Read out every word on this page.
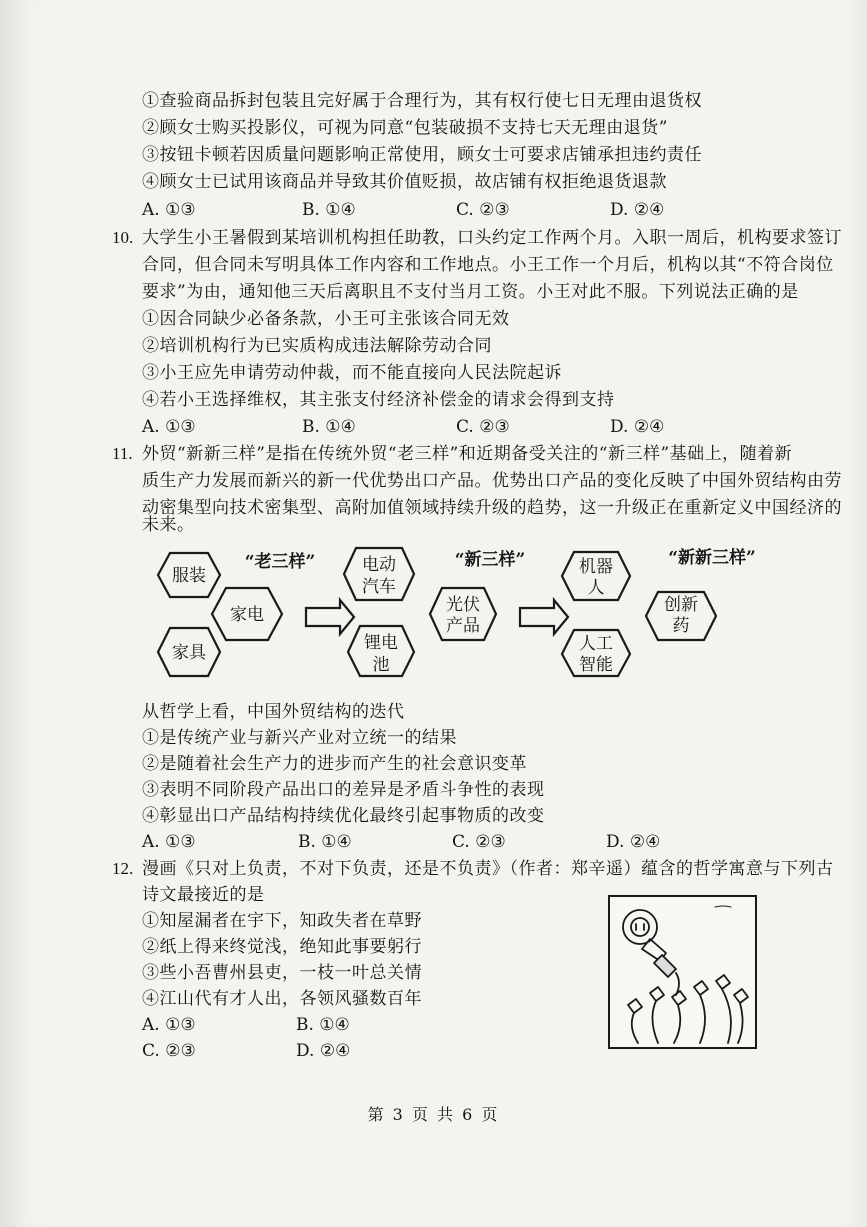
①查验商品拆封包装且完好属于合理行为，其有权行使七日无理由退货权
②顾女士购买投影仪，可视为同意“包装破损不支持七天无理由退货”
③按钮卡顿若因质量问题影响正常使用，顾女士可要求店铺承担违约责任
④顾女士已试用该商品并导致其价值贬损，故店铺有权拒绝退货退款
A. ①③	B. ①④	C. ②③	D. ②④
10. 大学生小王暑假到某培训机构担任助教，口头约定工作两个月。入职一周后，机构要求签订
合同，但合同未写明具体工作内容和工作地点。小王工作一个月后，机构以其“不符合岗位
要求”为由，通知他三天后离职且不支付当月工资。小王对此不服。下列说法正确的是
①因合同缺少必备条款，小王可主张该合同无效
②培训机构行为已实质构成违法解除劳动合同
③小王应先申请劳动仲裁，而不能直接向人民法院起诉
④若小王选择维权，其主张支付经济补偿金的请求会得到支持
A. ①③	B. ①④	C. ②③	D. ②④
11. 外贸“新新三样”是指在传统外贸“老三样”和近期备受关注的“新三样”基础上，随着新
质生产力发展而新兴的新一代优势出口产品。优势出口产品的变化反映了中国外贸结构由劳
动密集型向技术密集型、高附加值领域持续升级的趋势，这一升级正在重新定义中国经济的
未来。
“老三样”	“新三样”	“新新三样”
服装
家电
家具
电动汽车
光伏产品
锂电池
机器人
创新药
人工智能
从哲学上看，中国外贸结构的迭代
①是传统产业与新兴产业对立统一的结果
②是随着社会生产力的进步而产生的社会意识变革
③表明不同阶段产品出口的差异是矛盾斗争性的表现
④彰显出口产品结构持续优化最终引起事物质的改变
A. ①③	B. ①④	C. ②③	D. ②④
12. 漫画《只对上负责，不对下负责，还是不负责》（作者：郑辛遥）蕴含的哲学寓意与下列古
诗文最接近的是
①知屋漏者在宇下，知政失者在草野
②纸上得来终觉浅，绝知此事要躬行
③些小吾曹州县吏，一枝一叶总关情
④江山代有才人出，各领风骚数百年
A. ①③	B. ①④
C. ②③	D. ②④
第 3 页 共 6 页
